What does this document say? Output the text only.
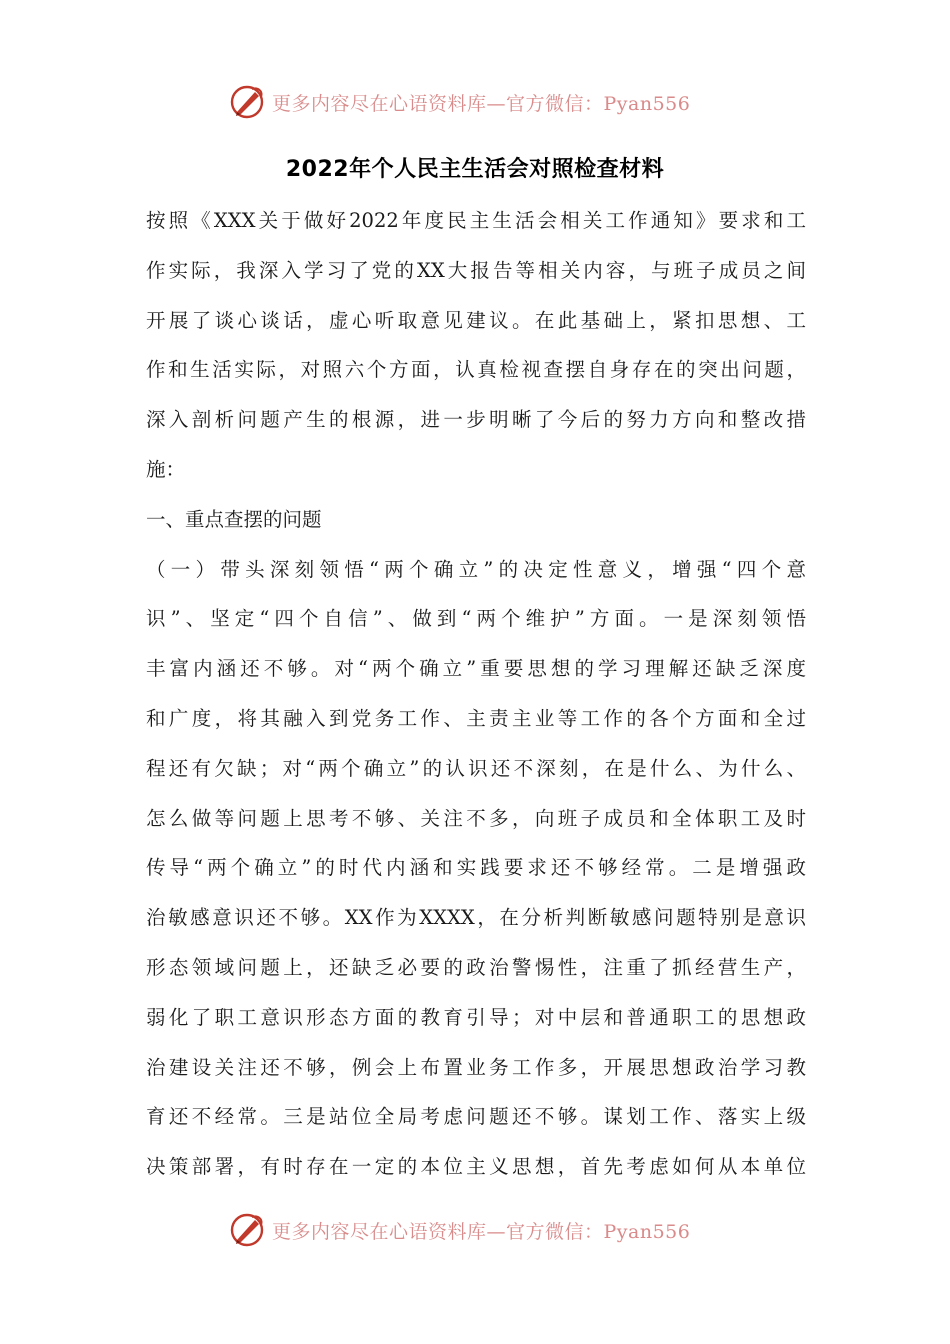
更多内容尽在心语资料库—官方微信：Pyan556
2022年个人民主生活会对照检查材料
按照《XXX关于做好2022年度民主生活会相关工作通知》要求和工
作实际，我深入学习了党的XX大报告等相关内容，与班子成员之间
开展了谈心谈话，虚心听取意见建议。在此基础上，紧扣思想、工
作和生活实际，对照六个方面，认真检视查摆自身存在的突出问题，
深入剖析问题产生的根源，进一步明晰了今后的努力方向和整改措
施：
一、重点查摆的问题
（一）带头深刻领悟“两个确立”的决定性意义，增强“四个意
识”、坚定“四个自信”、做到“两个维护”方面。一是深刻领悟
丰富内涵还不够。对“两个确立”重要思想的学习理解还缺乏深度
和广度，将其融入到党务工作、主责主业等工作的各个方面和全过
程还有欠缺；对“两个确立”的认识还不深刻，在是什么、为什么、
怎么做等问题上思考不够、关注不多，向班子成员和全体职工及时
传导“两个确立”的时代内涵和实践要求还不够经常。二是增强政
治敏感意识还不够。XX作为XXXX，在分析判断敏感问题特别是意识
形态领域问题上，还缺乏必要的政治警惕性，注重了抓经营生产，
弱化了职工意识形态方面的教育引导；对中层和普通职工的思想政
治建设关注还不够，例会上布置业务工作多，开展思想政治学习教
育还不经常。三是站位全局考虑问题还不够。谋划工作、落实上级
决策部署，有时存在一定的本位主义思想，首先考虑如何从本单位
更多内容尽在心语资料库—官方微信：Pyan556
